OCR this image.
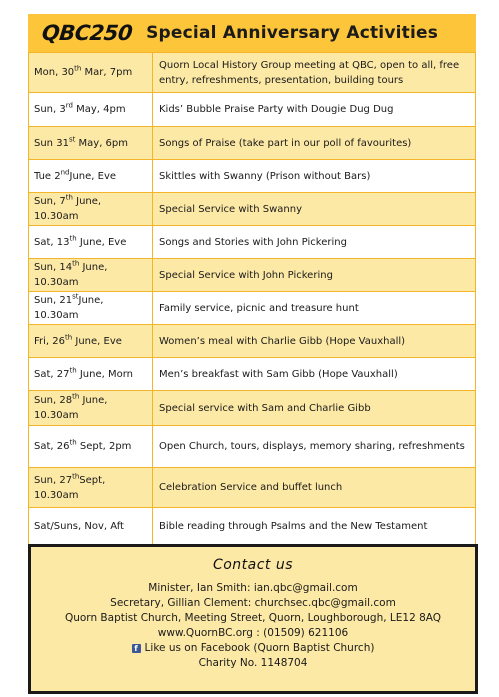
QBC250 Special Anniversary Activities
Mon, 30th Mar, 7pm	Quorn Local History Group meeting at QBC, open to all, free entry, refreshments, presentation, building tours
Sun, 3rd May, 4pm	Kids’ Bubble Praise Party with Dougie Dug Dug
Sun 31st May, 6pm	Songs of Praise (take part in our poll of favourites)
Tue 2ndJune, Eve	Skittles with Swanny (Prison without Bars)
Sun, 7th June, 10.30am	Special Service with Swanny
Sat, 13th June, Eve	Songs and Stories with John Pickering
Sun, 14th June, 10.30am	Special Service with John Pickering
Sun, 21stJune, 10.30am	Family service, picnic and treasure hunt
Fri, 26th June, Eve	Women’s meal with Charlie Gibb (Hope Vauxhall)
Sat, 27th June, Morn	Men’s breakfast with Sam Gibb (Hope Vauxhall)
Sun, 28th June, 10.30am	Special service with Sam and Charlie Gibb
Sat, 26th Sept, 2pm	Open Church, tours, displays, memory sharing, refreshments
Sun, 27thSept, 10.30am	Celebration Service and buffet lunch
Sat/Suns, Nov, Aft	Bible reading through Psalms and the New Testament
Contact us
Minister, Ian Smith: ian.qbc@gmail.com
Secretary, Gillian Clement: churchsec.qbc@gmail.com
Quorn Baptist Church, Meeting Street, Quorn, Loughborough, LE12 8AQ
www.QuornBC.org : (01509) 621106
f Like us on Facebook (Quorn Baptist Church)
Charity No. 1148704
